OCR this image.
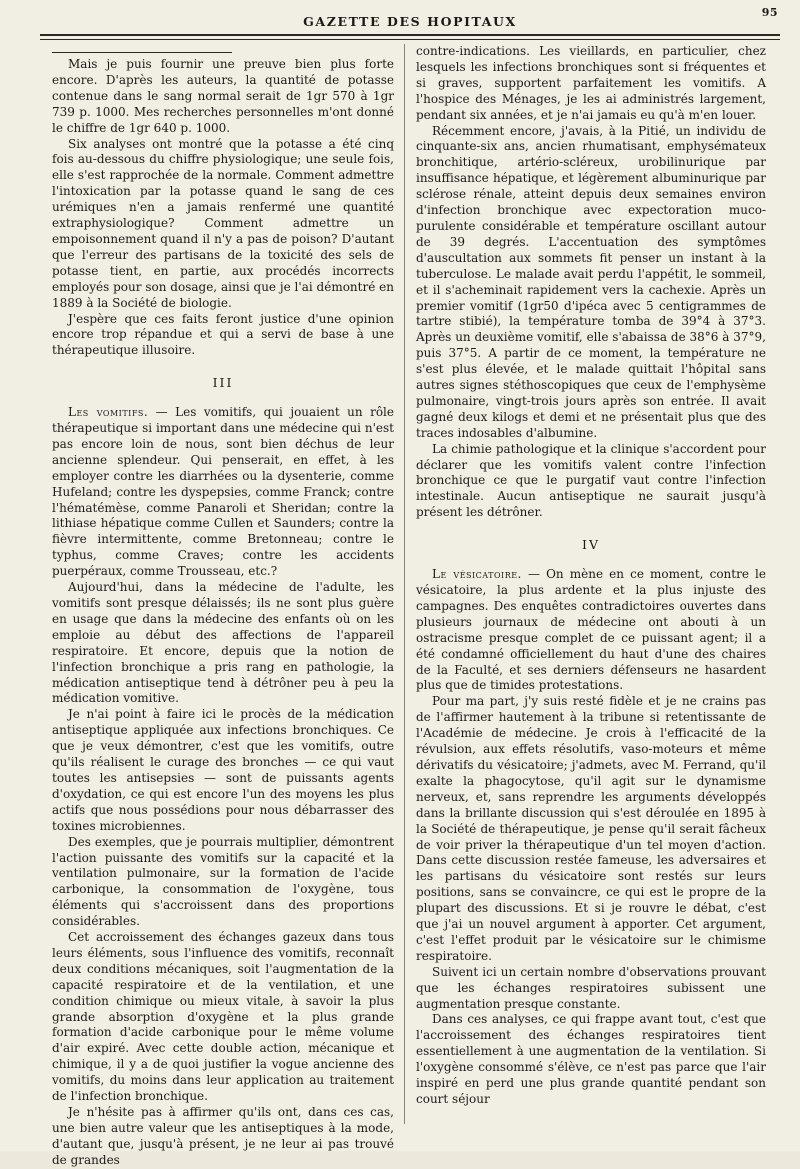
GAZETTE DES HOPITAUX
95

Mais je puis fournir une preuve bien plus forte encore. D'après les auteurs, la quantité de potasse contenue dans le sang normal serait de 1gr 570 à 1gr 739 p. 1000. Mes recherches personnelles m'ont donné le chiffre de 1gr 640 p. 1000.

Six analyses ont montré que la potasse a été cinq fois au-dessous du chiffre physiologique; une seule fois, elle s'est rapprochée de la normale. Comment admettre l'intoxication par la potasse quand le sang de ces urémiques n'en a jamais renfermé une quantité extraphysiologique? Comment admettre un empoisonnement quand il n'y a pas de poison? D'autant que l'erreur des partisans de la toxicité des sels de potasse tient, en partie, aux procédés incorrects employés pour son dosage, ainsi que je l'ai démontré en 1889 à la Société de biologie.

J'espère que ces faits feront justice d'une opinion encore trop répandue et qui a servi de base à une thérapeutique illusoire.

III

Les vomitifs. — Les vomitifs, qui jouaient un rôle thérapeutique si important dans une médecine qui n'est pas encore loin de nous, sont bien déchus de leur ancienne splendeur. Qui penserait, en effet, à les employer contre les diarrhées ou la dysenterie, comme Hufeland; contre les dyspepsies, comme Franck; contre l'hématémèse, comme Panaroli et Sheridan; contre la lithiase hépatique comme Cullen et Saunders; contre la fièvre intermittente, comme Bretonneau; contre le typhus, comme Craves; contre les accidents puerpéraux, comme Trousseau, etc.?

Aujourd'hui, dans la médecine de l'adulte, les vomitifs sont presque délaissés; ils ne sont plus guère en usage que dans la médecine des enfants où on les emploie au début des affections de l'appareil respiratoire. Et encore, depuis que la notion de l'infection bronchique a pris rang en pathologie, la médication antiseptique tend à détrôner peu à peu la médication vomitive.

Je n'ai point à faire ici le procès de la médication antiseptique appliquée aux infections bronchiques. Ce que je veux démontrer, c'est que les vomitifs, outre qu'ils réalisent le curage des bronches — ce qui vaut toutes les antisepsies — sont de puissants agents d'oxydation, ce qui est encore l'un des moyens les plus actifs que nous possédions pour nous débarrasser des toxines microbiennes.

Des exemples, que je pourrais multiplier, démontrent l'action puissante des vomitifs sur la capacité et la ventilation pulmonaire, sur la formation de l'acide carbonique, la consommation de l'oxygène, tous éléments qui s'accroissent dans des proportions considérables.

Cet accroissement des échanges gazeux dans tous leurs éléments, sous l'influence des vomitifs, reconnaît deux conditions mécaniques, soit l'augmentation de la capacité respiratoire et de la ventilation, et une condition chimique ou mieux vitale, à savoir la plus grande absorption d'oxygène et la plus grande formation d'acide carbonique pour le même volume d'air expiré. Avec cette double action, mécanique et chimique, il y a de quoi justifier la vogue ancienne des vomitifs, du moins dans leur application au traitement de l'infection bronchique.

Je n'hésite pas à affirmer qu'ils ont, dans ces cas, une bien autre valeur que les antiseptiques à la mode, d'autant que, jusqu'à présent, je ne leur ai pas trouvé de grandes

contre-indications. Les vieillards, en particulier, chez lesquels les infections bronchiques sont si fréquentes et si graves, supportent parfaitement les vomitifs. A l'hospice des Ménages, je les ai administrés largement, pendant six années, et je n'ai jamais eu qu'à m'en louer.

Récemment encore, j'avais, à la Pitié, un individu de cinquante-six ans, ancien rhumatisant, emphysémateux bronchitique, artério-scléreux, urobilinurique par insuffisance hépatique, et légèrement albuminurique par sclérose rénale, atteint depuis deux semaines environ d'infection bronchique avec expectoration muco-purulente considérable et température oscillant autour de 39 degrés. L'accentuation des symptômes d'auscultation aux sommets fit penser un instant à la tuberculose. Le malade avait perdu l'appétit, le sommeil, et il s'acheminait rapidement vers la cachexie. Après un premier vomitif (1gr50 d'ipéca avec 5 centigrammes de tartre stibié), la température tomba de 39°4 à 37°3. Après un deuxième vomitif, elle s'abaissa de 38°6 à 37°9, puis 37°5. A partir de ce moment, la température ne s'est plus élevée, et le malade quittait l'hôpital sans autres signes stéthoscopiques que ceux de l'emphysème pulmonaire, vingt-trois jours après son entrée. Il avait gagné deux kilogs et demi et ne présentait plus que des traces indosables d'albumine.

La chimie pathologique et la clinique s'accordent pour déclarer que les vomitifs valent contre l'infection bronchique ce que le purgatif vaut contre l'infection intestinale. Aucun antiseptique ne saurait jusqu'à présent les détrôner.

IV

Le vésicatoire. — On mène en ce moment, contre le vésicatoire, la plus ardente et la plus injuste des campagnes. Des enquêtes contradictoires ouvertes dans plusieurs journaux de médecine ont abouti à un ostracisme presque complet de ce puissant agent; il a été condamné officiellement du haut d'une des chaires de la Faculté, et ses derniers défenseurs ne hasardent plus que de timides protestations.

Pour ma part, j'y suis resté fidèle et je ne crains pas de l'affirmer hautement à la tribune si retentissante de l'Académie de médecine. Je crois à l'efficacité de la révulsion, aux effets résolutifs, vaso-moteurs et même dérivatifs du vésicatoire; j'admets, avec M. Ferrand, qu'il exalte la phagocytose, qu'il agit sur le dynamisme nerveux, et, sans reprendre les arguments développés dans la brillante discussion qui s'est déroulée en 1895 à la Société de thérapeutique, je pense qu'il serait fâcheux de voir priver la thérapeutique d'un tel moyen d'action. Dans cette discussion restée fameuse, les adversaires et les partisans du vésicatoire sont restés sur leurs positions, sans se convaincre, ce qui est le propre de la plupart des discussions. Et si je rouvre le débat, c'est que j'ai un nouvel argument à apporter. Cet argument, c'est l'effet produit par le vésicatoire sur le chimisme respiratoire.

Suivent ici un certain nombre d'observations prouvant que les échanges respiratoires subissent une augmentation presque constante.

Dans ces analyses, ce qui frappe avant tout, c'est que l'accroissement des échanges respiratoires tient essentiellement à une augmentation de la ventilation. Si l'oxygène consommé s'élève, ce n'est pas parce que l'air inspiré en perd une plus grande quantité pendant son court séjour
